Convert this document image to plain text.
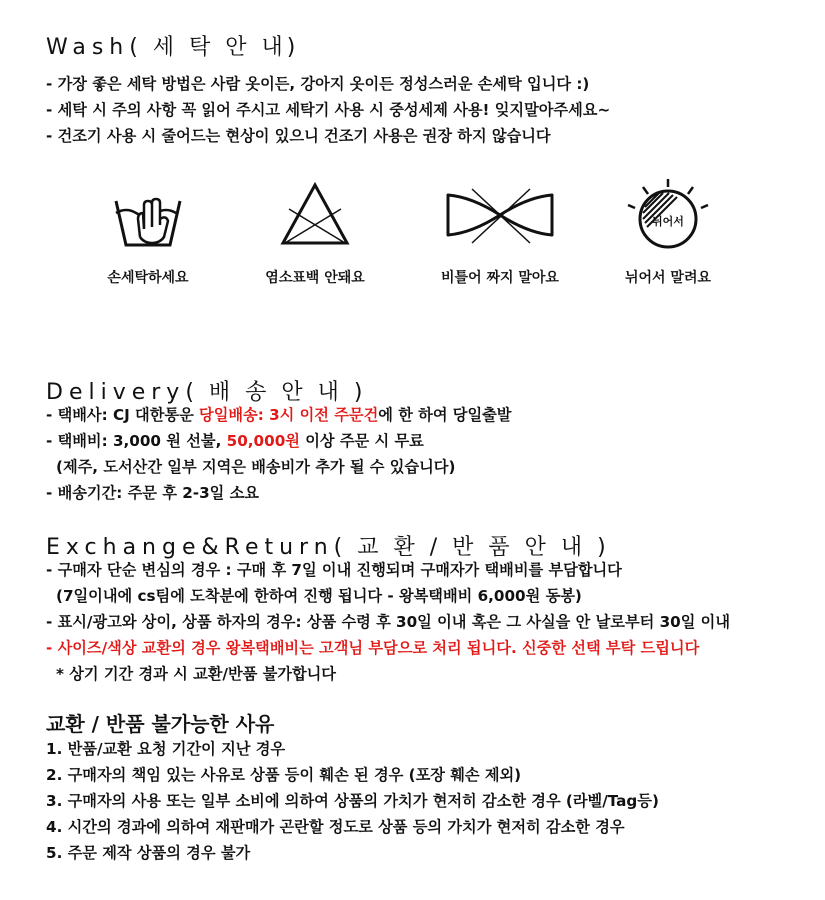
Wash( 세 탁 안 내)
- 가장 좋은 세탁 방법은 사람 옷이든, 강아지 옷이든 정성스러운 손세탁 입니다 :)
- 세탁 시 주의 사항 꼭 읽어 주시고 세탁기 사용 시 중성세제 사용! 잊지말아주세요~
- 건조기 사용 시 줄어드는 현상이 있으니 건조기 사용은 권장 하지 않습니다
손세탁하세요	염소표백 안돼요	비틀어 짜지 말아요
뉘어서
뉘어서 말려요
Delivery( 배 송 안 내 )
- 택배사: CJ 대한통운 당일배송: 3시 이전 주문건에 한 하여 당일출발
- 택배비: 3,000 원 선불, 50,000원 이상 주문 시 무료
(제주, 도서산간 일부 지역은 배송비가 추가 될 수 있습니다)
- 배송기간: 주문 후 2-3일 소요
Exchange&Return( 교 환 / 반 품 안 내 )
- 구매자 단순 변심의 경우 : 구매 후 7일 이내 진행되며 구매자가 택배비를 부담합니다
(7일이내에 cs팀에 도착분에 한하여 진행 됩니다 - 왕복택배비 6,000원 동봉)
- 표시/광고와 상이, 상품 하자의 경우: 상품 수령 후 30일 이내 혹은 그 사실을 안 날로부터 30일 이내
- 사이즈/색상 교환의 경우 왕복택배비는 고객님 부담으로 처리 됩니다. 신중한 선택 부탁 드립니다
* 상기 기간 경과 시 교환/반품 불가합니다
교환 / 반품 불가능한 사유
1. 반품/교환 요청 기간이 지난 경우
2. 구매자의 책임 있는 사유로 상품 등이 훼손 된 경우 (포장 훼손 제외)
3. 구매자의 사용 또는 일부 소비에 의하여 상품의 가치가 현저히 감소한 경우 (라벨/Tag등)
4. 시간의 경과에 의하여 재판매가 곤란할 정도로 상품 등의 가치가 현저히 감소한 경우
5. 주문 제작 상품의 경우 불가
